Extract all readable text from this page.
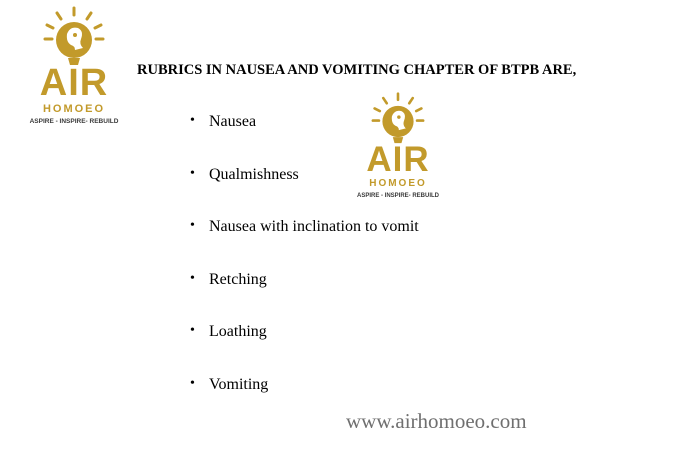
AIR
HOMOEO
ASPIRE - INSPIRE- REBUILD
AIR
HOMOEO
ASPIRE - INSPIRE- REBUILD
RUBRICS IN NAUSEA AND VOMITING CHAPTER OF BTPB ARE,
• Nausea
• Qualmishness
• Nausea with inclination to vomit
• Retching
• Loathing
• Vomiting
www.airhomoeo.com
